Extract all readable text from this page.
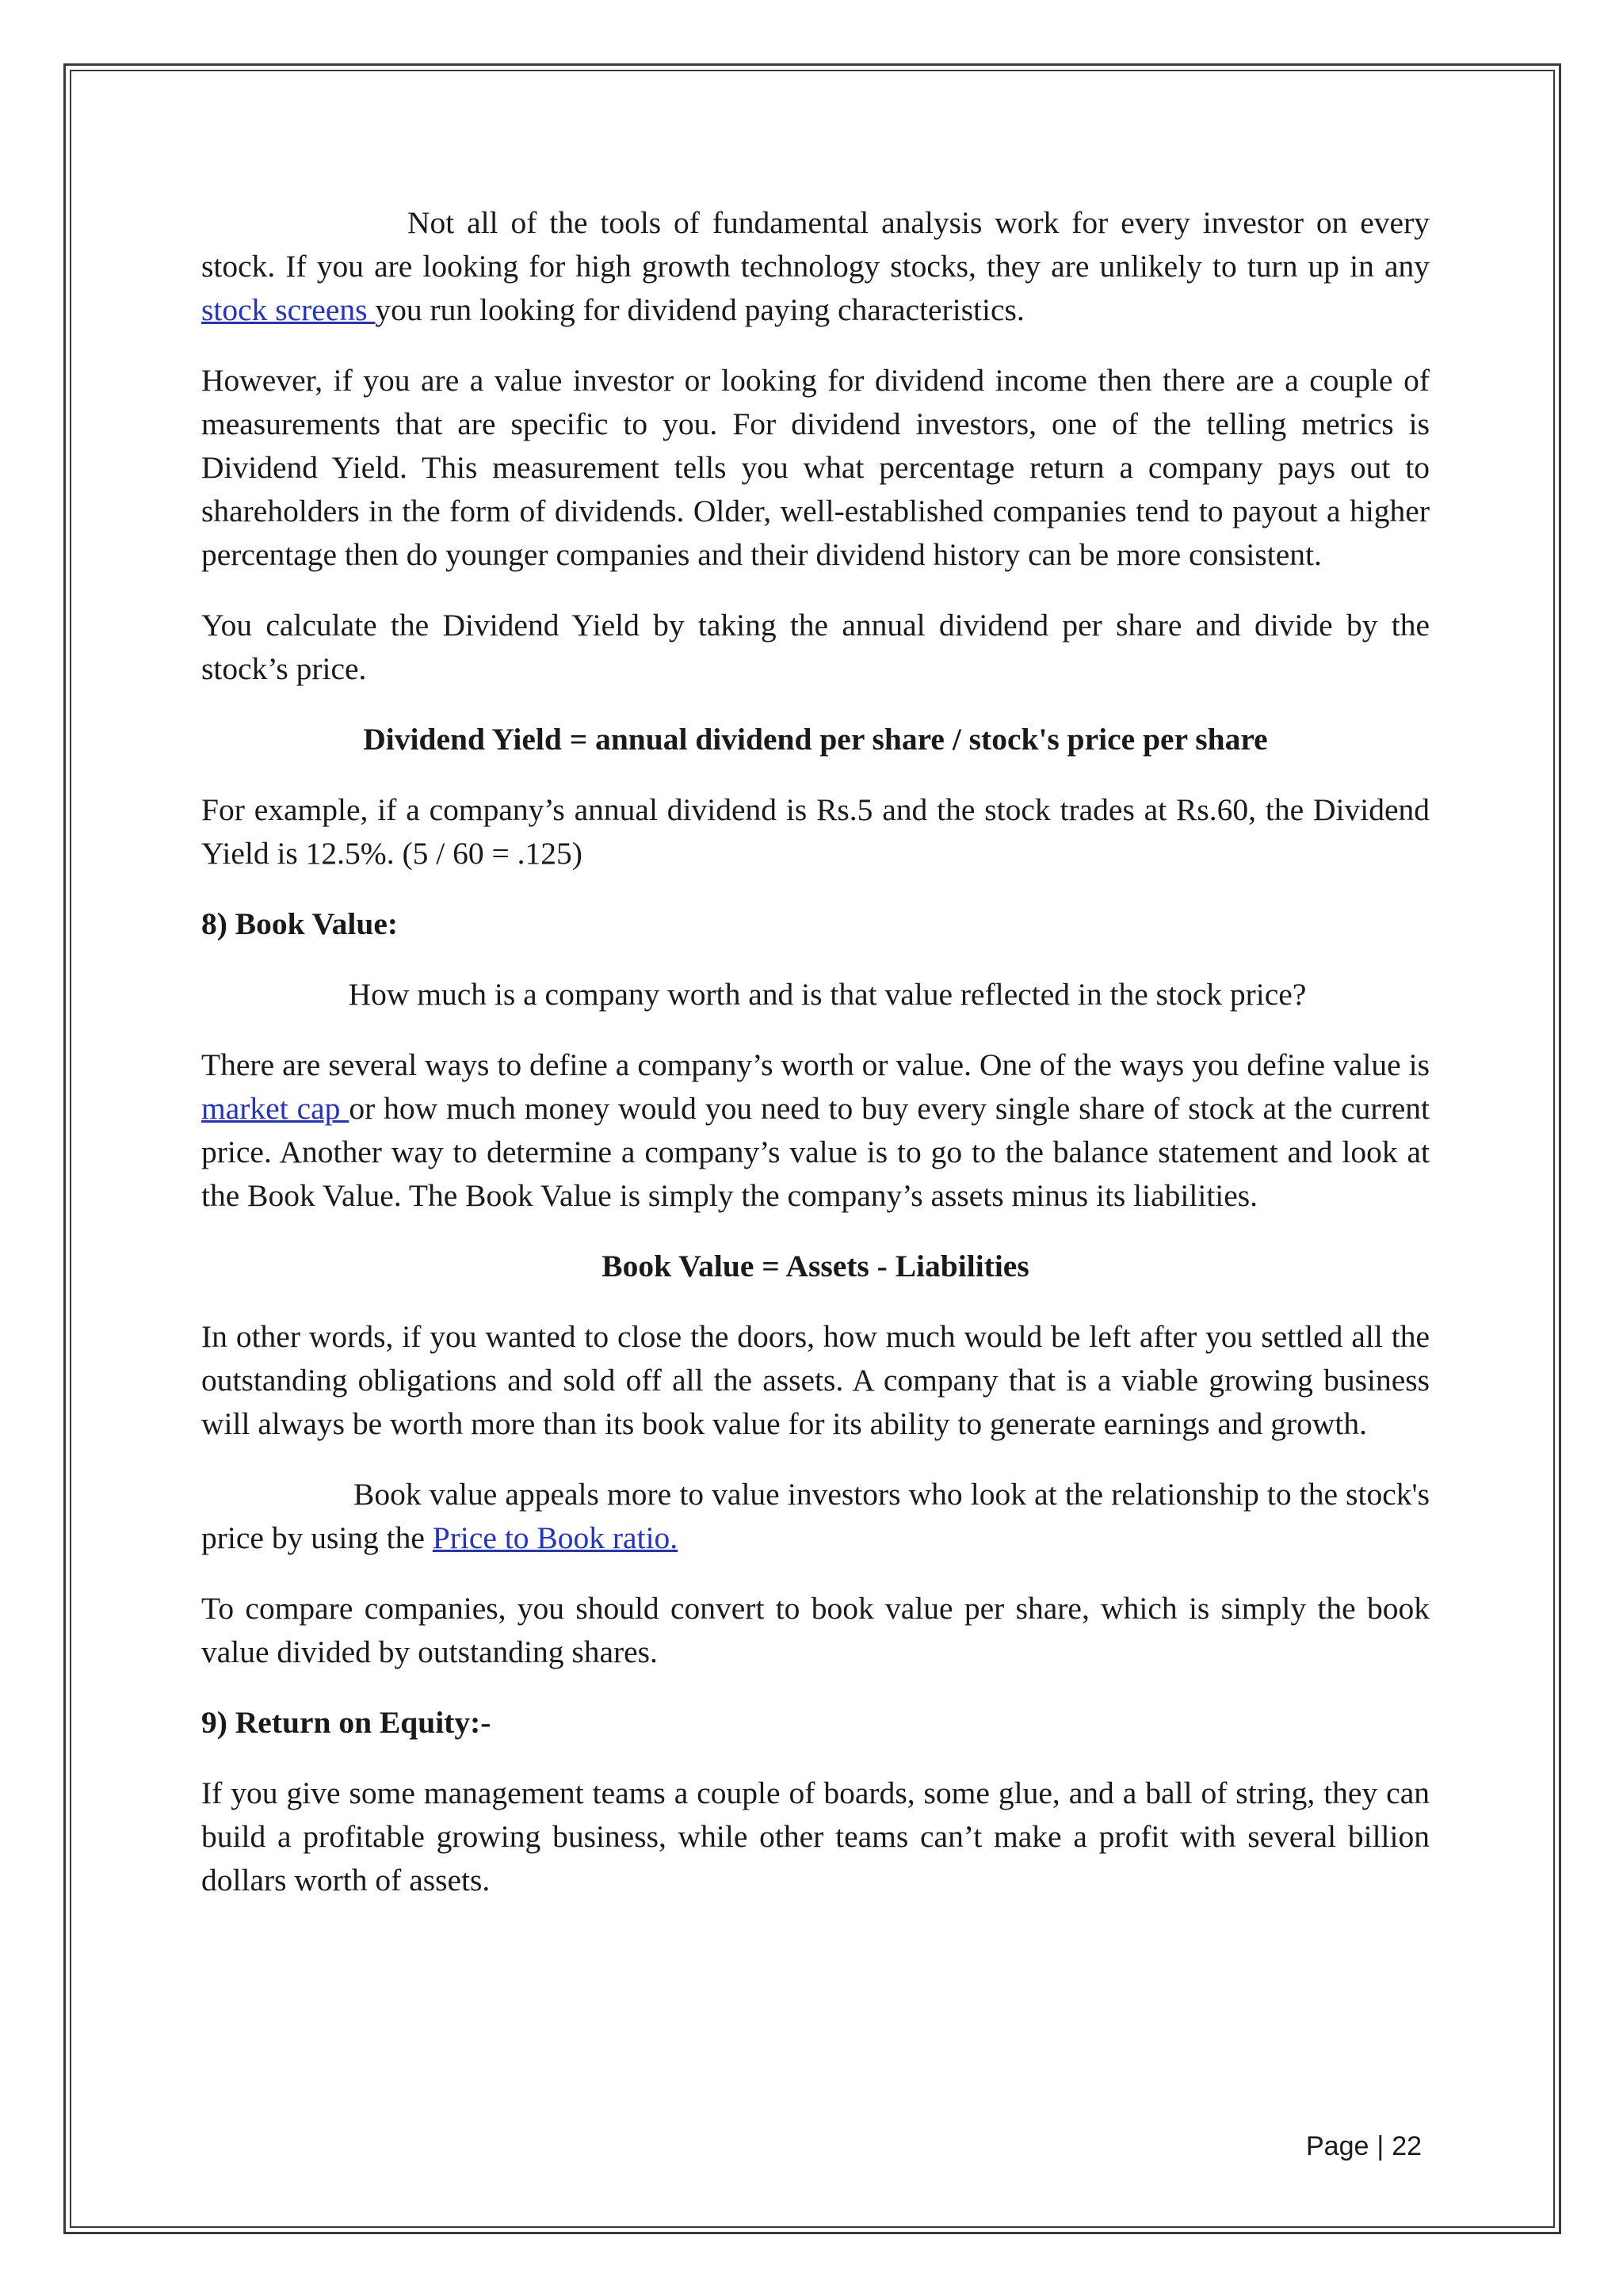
Not all of the tools of fundamental analysis work for every investor on every stock. If you are looking for high growth technology stocks, they are unlikely to turn up in any stock screens you run looking for dividend paying characteristics.

However, if you are a value investor or looking for dividend income then there are a couple of measurements that are specific to you. For dividend investors, one of the telling metrics is Dividend Yield. This measurement tells you what percentage return a company pays out to shareholders in the form of dividends. Older, well-established companies tend to payout a higher percentage then do younger companies and their dividend history can be more consistent.

You calculate the Dividend Yield by taking the annual dividend per share and divide by the stock’s price.

Dividend Yield = annual dividend per share / stock's price per share

For example, if a company’s annual dividend is Rs.5 and the stock trades at Rs.60, the Dividend Yield is 12.5%. (5 / 60 = .125)

8) Book Value:

How much is a company worth and is that value reflected in the stock price?

There are several ways to define a company’s worth or value. One of the ways you define value is market cap or how much money would you need to buy every single share of stock at the current price. Another way to determine a company’s value is to go to the balance statement and look at the Book Value. The Book Value is simply the company’s assets minus its liabilities.

Book Value = Assets - Liabilities

In other words, if you wanted to close the doors, how much would be left after you settled all the outstanding obligations and sold off all the assets. A company that is a viable growing business will always be worth more than its book value for its ability to generate earnings and growth.

Book value appeals more to value investors who look at the relationship to the stock's price by using the Price to Book ratio.

To compare companies, you should convert to book value per share, which is simply the book value divided by outstanding shares.

9) Return on Equity:-

If you give some management teams a couple of boards, some glue, and a ball of string, they can build a profitable growing business, while other teams can’t make a profit with several billion dollars worth of assets.

Page | 22
